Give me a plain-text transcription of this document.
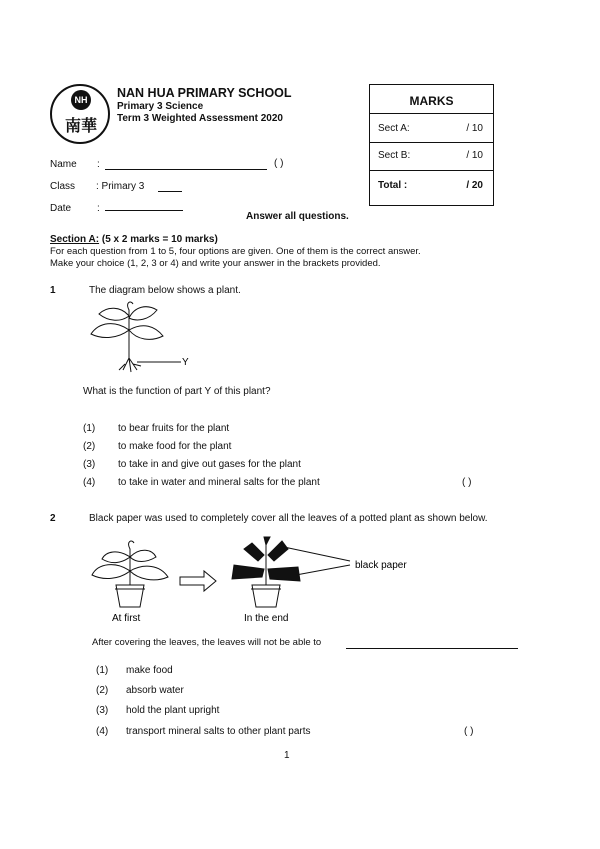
NH
南華
NAN HUA PRIMARY SCHOOL
Primary 3 Science
Term 3 Weighted Assessment 2020
MARKS
Sect A:	/ 10
Sect B:	/ 10
Total :	/ 20
Name :	( )
Class : Primary 3
Date	:
Answer all questions.
Section A: (5 x 2 marks = 10 marks)
For each question from 1 to 5, four options are given. One of them is the correct answer.
Make your choice (1, 2, 3 or 4) and write your answer in the brackets provided.
1	The diagram below shows a plant.
Y
What is the function of part Y of this plant?
(1) to bear fruits for the plant
(2) to make food for the plant
(3) to take in and give out gases for the plant
(4) to take in water and mineral salts for the plant	( )
2	Black paper was used to completely cover all the leaves of a potted plant as shown below.
black paper
At first	In the end
After covering the leaves, the leaves will not be able to
(1) make food
(2) absorb water
(3) hold the plant upright
(4) transport mineral salts to other plant parts	( )
1
